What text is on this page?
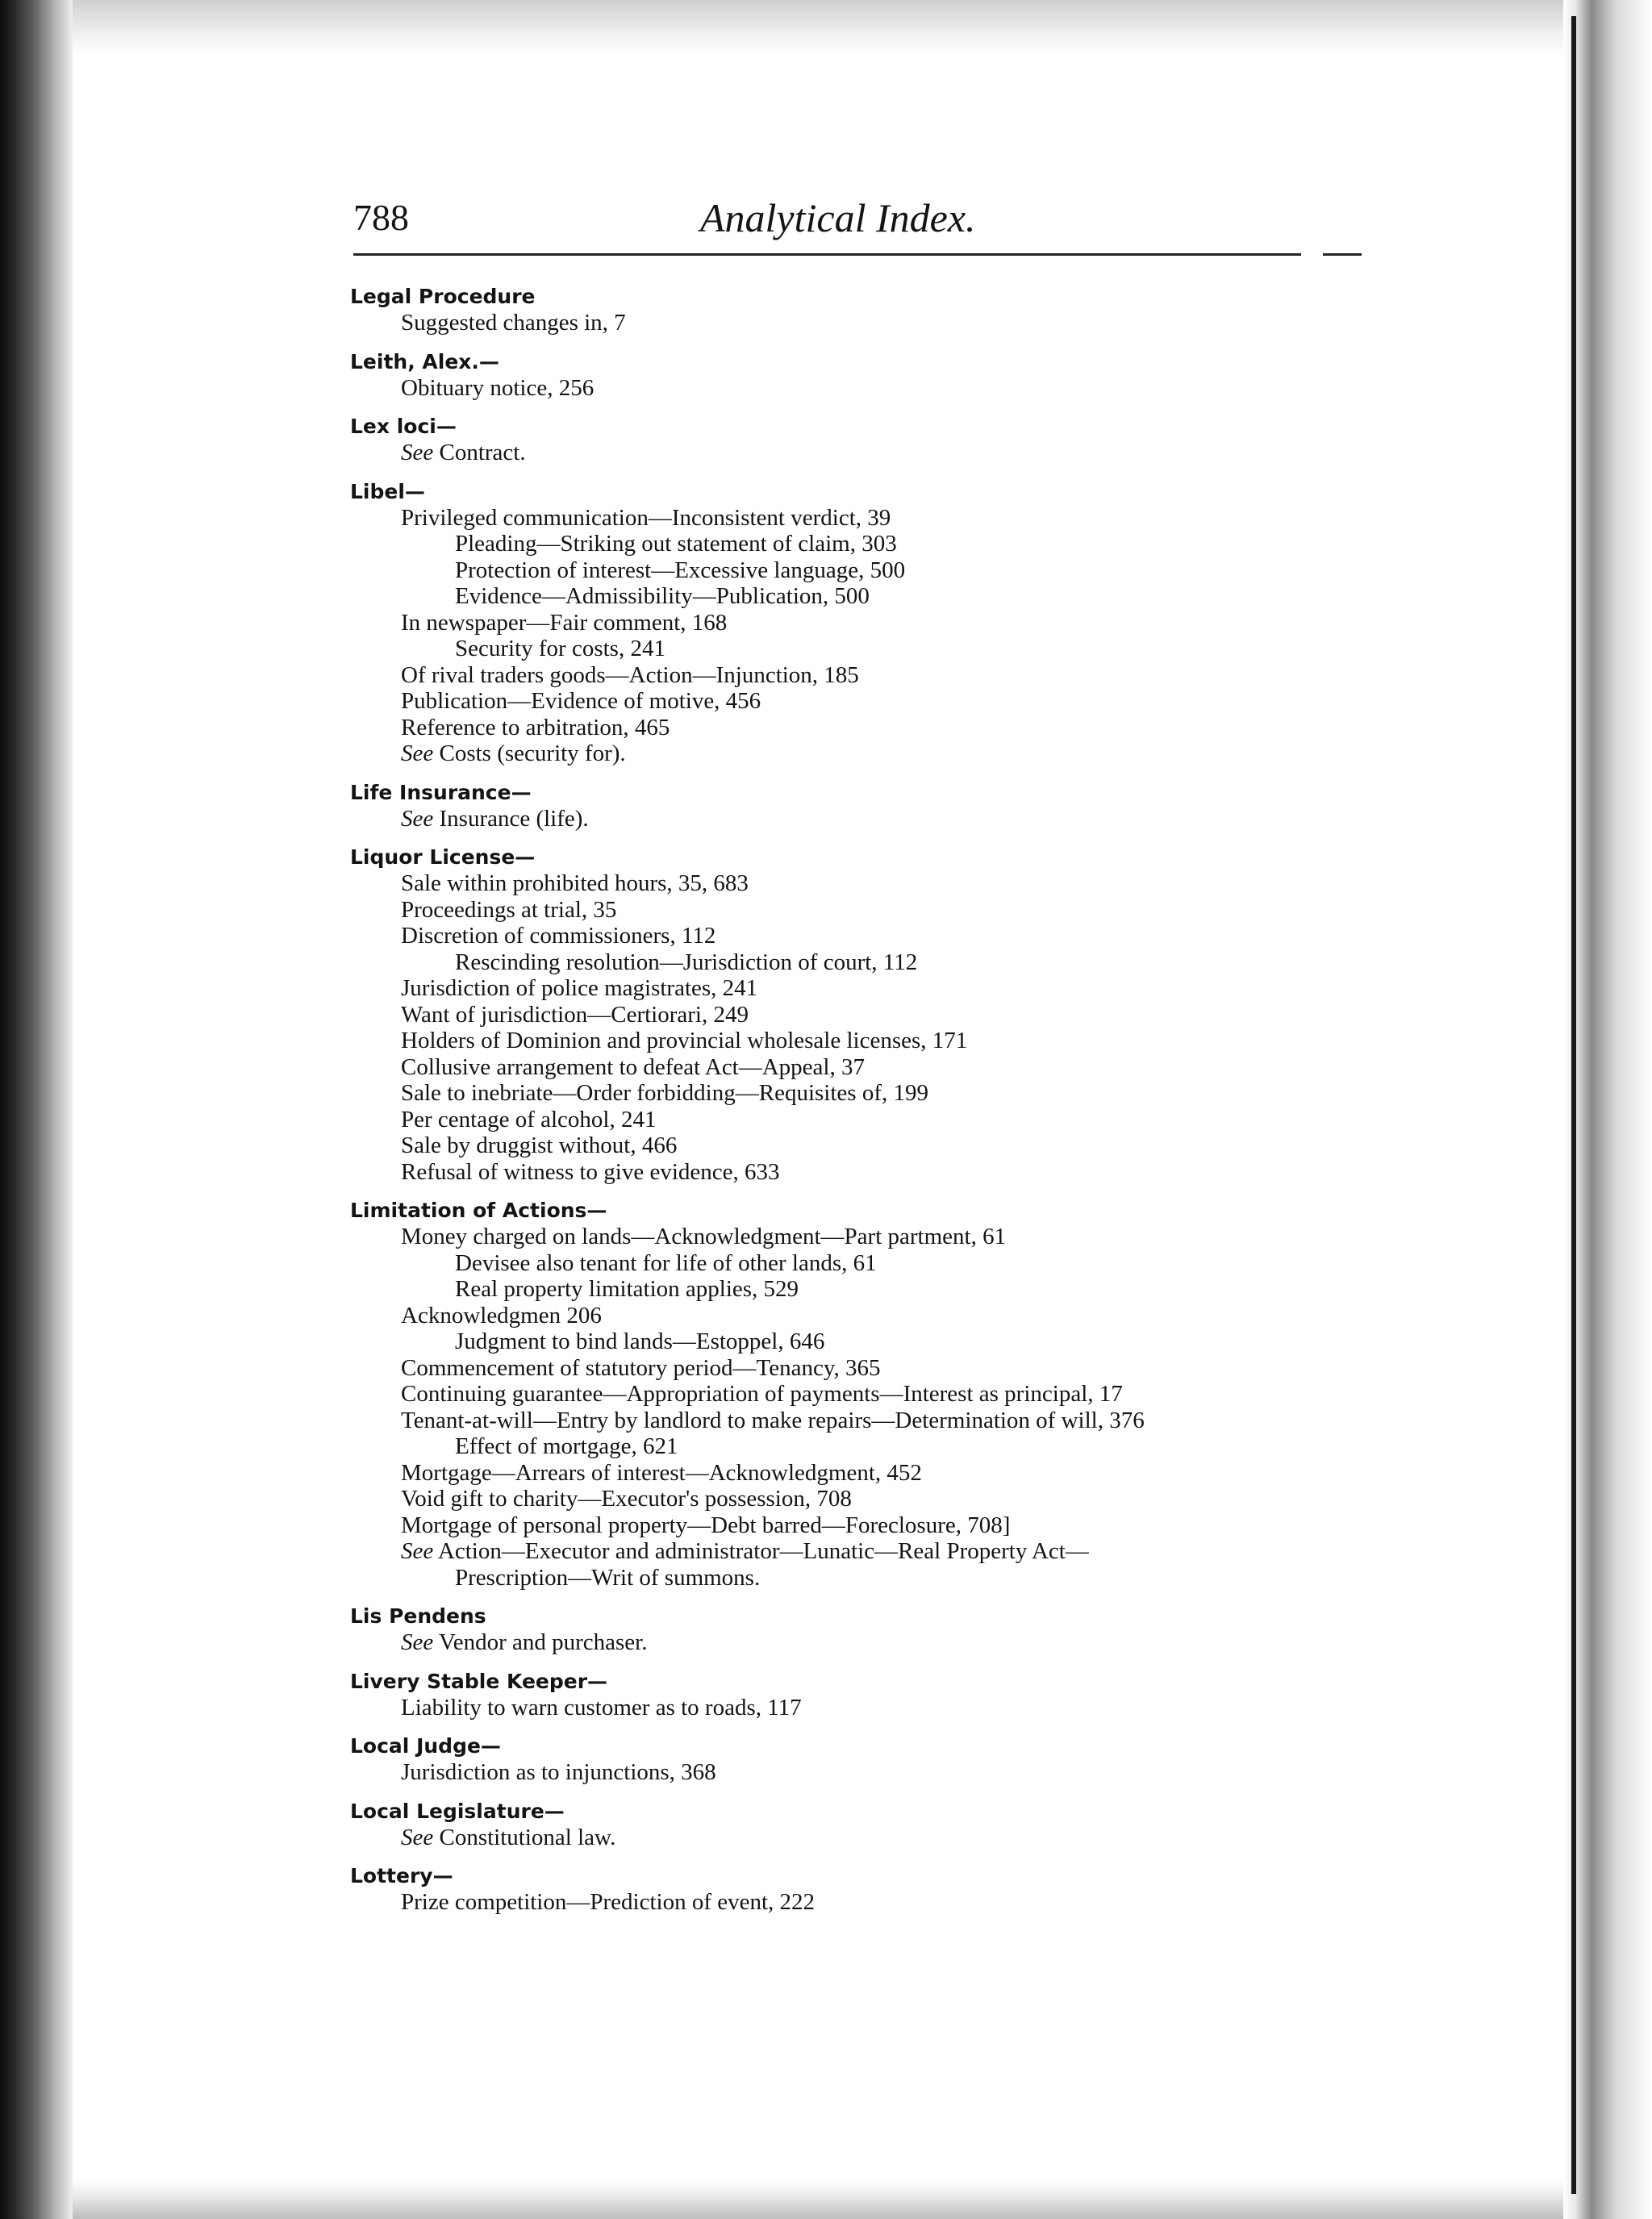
788	Analytical Index.
Legal Procedure
Suggested changes in, 7
Leith, Alex.—
Obituary notice, 256
Lex loci—
See Contract.
Libel—
Privileged communication—Inconsistent verdict, 39
Pleading—Striking out statement of claim, 303
Protection of interest—Excessive language, 500
Evidence—Admissibility—Publication, 500
In newspaper—Fair comment, 168
Security for costs, 241
Of rival traders goods—Action—Injunction, 185
Publication—Evidence of motive, 456
Reference to arbitration, 465
See Costs (security for).
Life Insurance—
See Insurance (life).
Liquor License—
Sale within prohibited hours, 35, 683
Proceedings at trial, 35
Discretion of commissioners, 112
Rescinding resolution—Jurisdiction of court, 112
Jurisdiction of police magistrates, 241
Want of jurisdiction—Certiorari, 249
Holders of Dominion and provincial wholesale licenses, 171
Collusive arrangement to defeat Act—Appeal, 37
Sale to inebriate—Order forbidding—Requisites of, 199
Per centage of alcohol, 241
Sale by druggist without, 466
Refusal of witness to give evidence, 633
Limitation of Actions—
Money charged on lands—Acknowledgment—Part partment, 61
Devisee also tenant for life of other lands, 61
Real property limitation applies, 529
Acknowledgmen 206
Judgment to bind lands—Estoppel, 646
Commencement of statutory period—Tenancy, 365
Continuing guarantee—Appropriation of payments—Interest as principal, 17
Tenant-at-will—Entry by landlord to make repairs—Determination of will, 376
Effect of mortgage, 621
Mortgage—Arrears of interest—Acknowledgment, 452
Void gift to charity—Executor's possession, 708
Mortgage of personal property—Debt barred—Foreclosure, 708]
See Action—Executor and administrator—Lunatic—Real Property Act—
Prescription—Writ of summons.
Lis Pendens
See Vendor and purchaser.
Livery Stable Keeper—
Liability to warn customer as to roads, 117
Local Judge—
Jurisdiction as to injunctions, 368
Local Legislature—
See Constitutional law.
Lottery—
Prize competition—Prediction of event, 222
